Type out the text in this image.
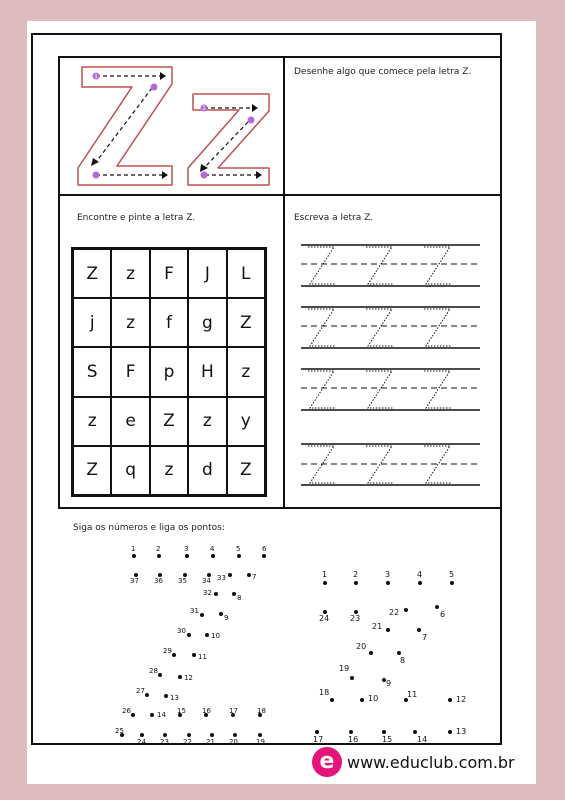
1
1
Desenhe algo que comece pela letra Z.
Encontre e pinte a letra Z.	Escreva a letra Z.
Siga os números e liga os pontos:
Z	z	F	J	L
j	z	f	g	Z
S	F	p	H	z
z	e	Z	z	y
Z	q	z	d	Z
1	2	3	4	5	6
7
8
9
10
11
12
13
14 15 16	17	18
19
20
21
22
23
24
25
26
27
28
29
30
31
32
33
34
35
36
37
1	2	3	4	5
6
7
8
9
10	11
12
13
14
15
16
17
18
19
20
21
22
23
24
e www.educlub.com.br
